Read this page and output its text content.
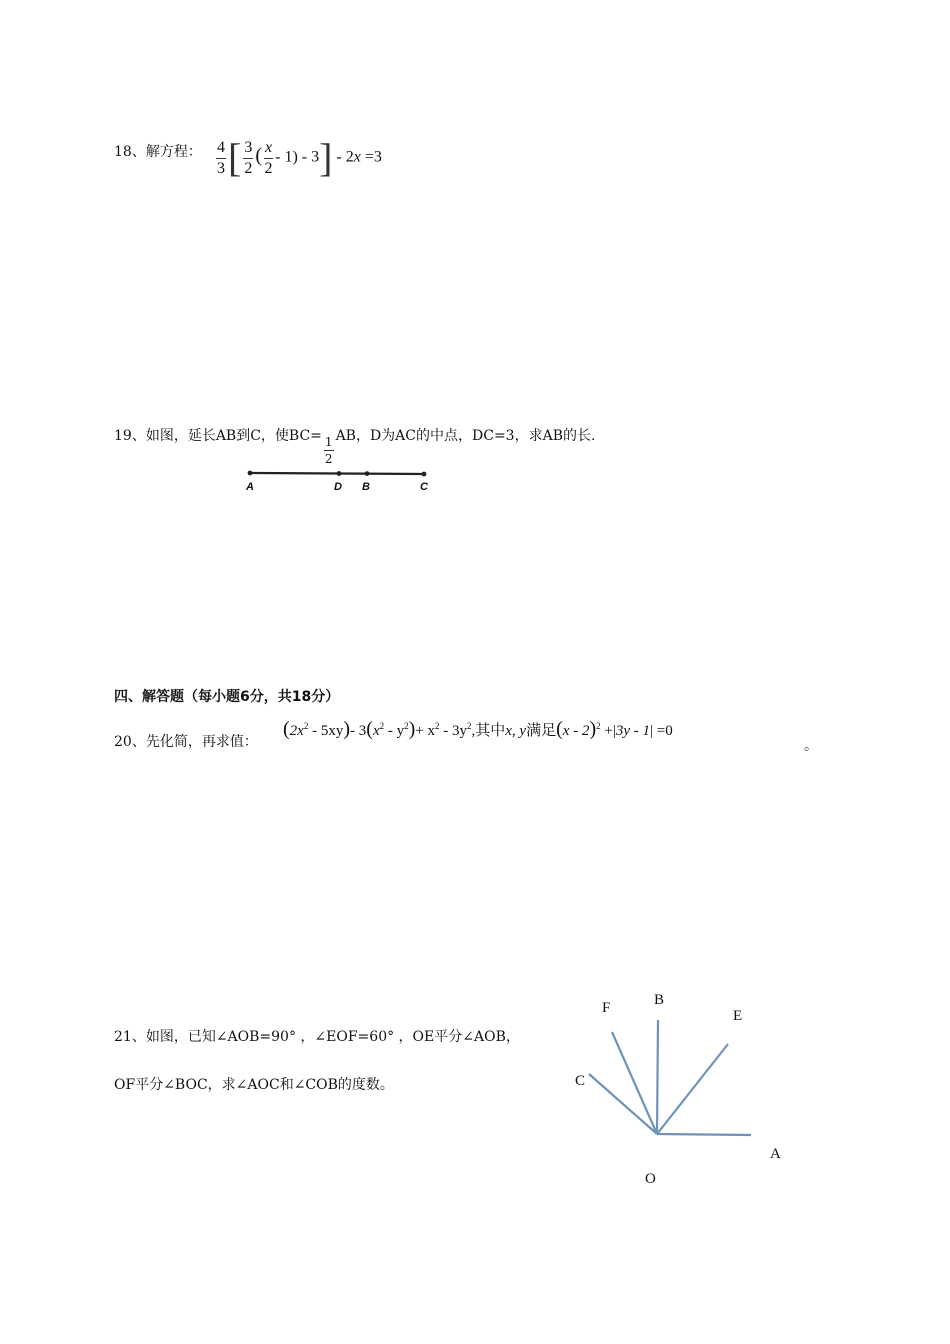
18、解方程： $\frac{4}{3}$ [ $\frac{3}{2}$ ( $\frac{x}{2} - 1) - 3] - 2x =3$
19、如图，延长AB到C，使$BC= \frac{1}{2}$ AB，D为AC的中点，DC=3，求AB的长.
A	D B	C
四、解答题（每小题6分，共18分）
20、先化简，再求值：
$(2x^2 - 5xy)-$ $3(x^2 - y^2)+ x^2 - 3y^2$,其中x, y满足(x - 2)$^2$ +|3y - 1| =0
。
21、如图，已知∠AOB=90° ，∠EOF=60° ，OE平分∠AOB，
OF平分∠BOC，求∠AOC和∠COB的度数。
B
F	E
C
A
O
